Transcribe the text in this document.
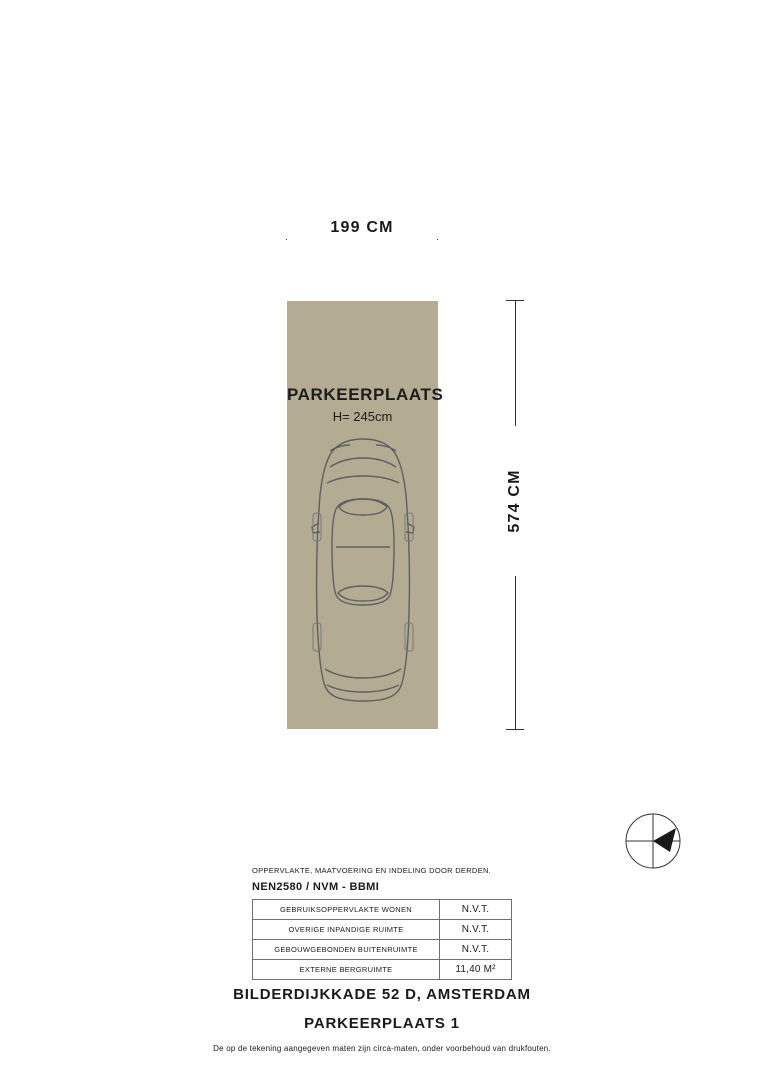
199 CM
PARKEERPLAATS
H= 245cm
574 CM
OPPERVLAKTE, MAATVOERING EN INDELING DOOR DERDEN.
NEN2580 / NVM - BBMI
GEBRUIKSOPPERVLAKTE WONEN	N.V.T.
OVERIGE INPANDIGE RUIMTE	N.V.T.
GEBOUWGEBONDEN BUITENRUIMTE	N.V.T.
EXTERNE BERGRUIMTE	11,40 M²
BILDERDIJKKADE 52 D, AMSTERDAM
PARKEERPLAATS 1
De op de tekening aangegeven maten zijn circa-maten, onder voorbehoud van drukfouten.
